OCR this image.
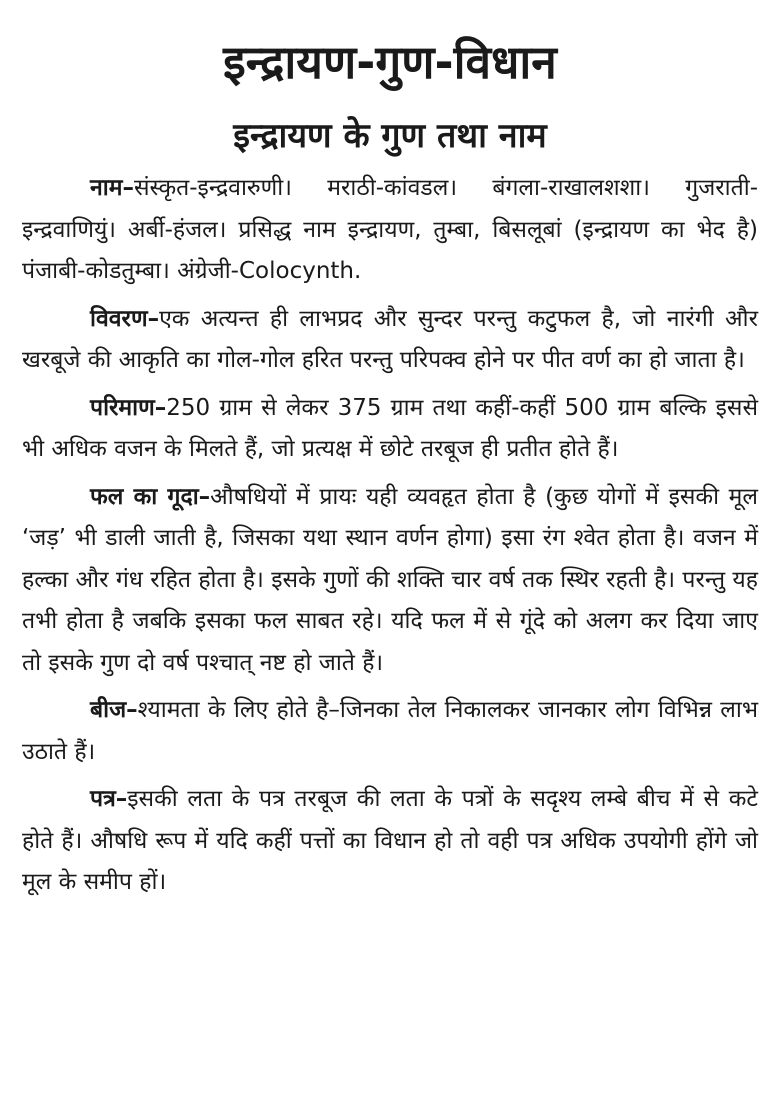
इन्द्रायण-गुण-विधान
इन्द्रायण के गुण तथा नाम

नाम–संस्कृत-इन्द्रवारुणी। मराठी-कांवडल। बंगला-राखालशशा। गुजराती-इन्द्रवाणियुं। अर्बी-हंजल। प्रसिद्ध नाम इन्द्रायण, तुम्बा, बिसलूबां (इन्द्रायण का भेद है) पंजाबी-कोडतुम्बा। अंग्रेजी-Colocynth.

विवरण–एक अत्यन्त ही लाभप्रद और सुन्दर परन्तु कटुफल है, जो नारंगी और खरबूजे की आकृति का गोल-गोल हरित परन्तु परिपक्व होने पर पीत वर्ण का हो जाता है।

परिमाण–250 ग्राम से लेकर 375 ग्राम तथा कहीं-कहीं 500 ग्राम बल्कि इससे भी अधिक वजन के मिलते हैं, जो प्रत्यक्ष में छोटे तरबूज ही प्रतीत होते हैं।

फल का गूदा–औषधियों में प्रायः यही व्यवहृत होता है (कुछ योगों में इसकी मूल ‘जड़’ भी डाली जाती है, जिसका यथा स्थान वर्णन होगा) इसा रंग श्वेत होता है। वजन में हल्का और गंध रहित होता है। इसके गुणों की शक्ति चार वर्ष तक स्थिर रहती है। परन्तु यह तभी होता है जबकि इसका फल साबत रहे। यदि फल में से गूंदे को अलग कर दिया जाए तो इसके गुण दो वर्ष पश्चात् नष्ट हो जाते हैं।

बीज–श्यामता के लिए होते है–जिनका तेल निकालकर जानकार लोग विभिन्न लाभ उठाते हैं।

पत्र–इसकी लता के पत्र तरबूज की लता के पत्रों के सदृश्य लम्बे बीच में से कटे होते हैं। औषधि रूप में यदि कहीं पत्तों का विधान हो तो वही पत्र अधिक उपयोगी होंगे जो मूल के समीप हों।
